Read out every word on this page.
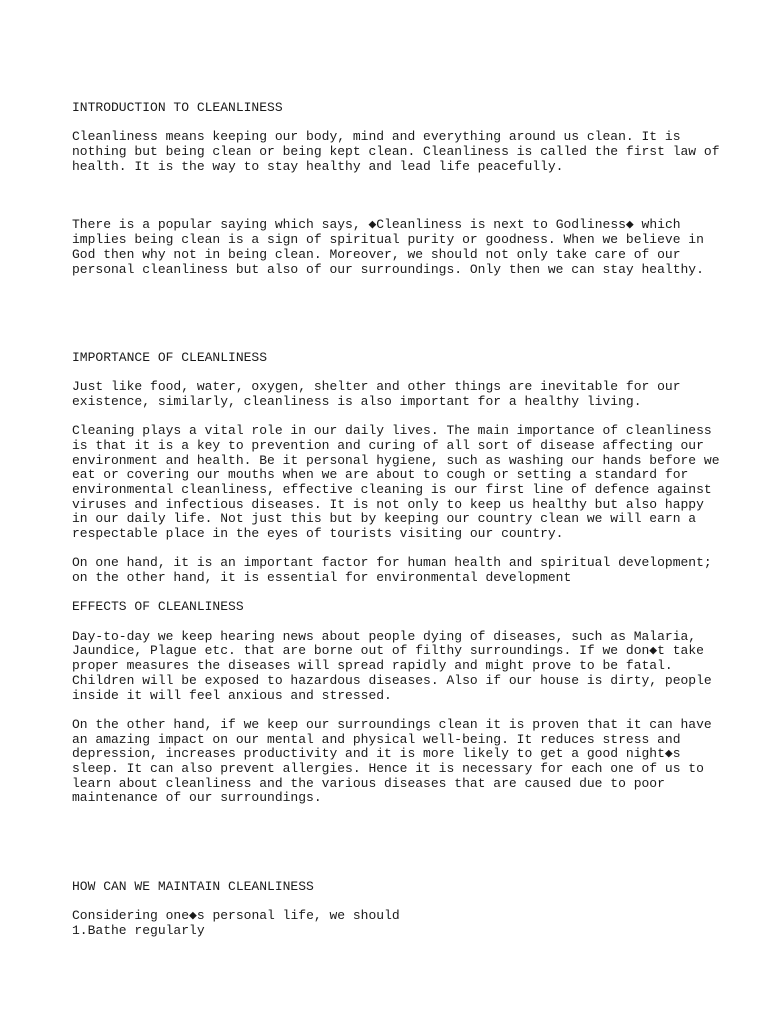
INTRODUCTION TO CLEANLINESS
Cleanliness means keeping our body, mind and everything around us clean. It is
nothing but being clean or being kept clean. Cleanliness is called the first law of
health. It is the way to stay healthy and lead life peacefully.
There is a popular saying which says, ◆Cleanliness is next to Godliness◆ which
implies being clean is a sign of spiritual purity or goodness. When we believe in
God then why not in being clean. Moreover, we should not only take care of our
personal cleanliness but also of our surroundings. Only then we can stay healthy.
IMPORTANCE OF CLEANLINESS
Just like food, water, oxygen, shelter and other things are inevitable for our
existence, similarly, cleanliness is also important for a healthy living.
Cleaning plays a vital role in our daily lives. The main importance of cleanliness
is that it is a key to prevention and curing of all sort of disease affecting our
environment and health. Be it personal hygiene, such as washing our hands before we
eat or covering our mouths when we are about to cough or setting a standard for
environmental cleanliness, effective cleaning is our first line of defence against
viruses and infectious diseases. It is not only to keep us healthy but also happy
in our daily life. Not just this but by keeping our country clean we will earn a
respectable place in the eyes of tourists visiting our country.
On one hand, it is an important factor for human health and spiritual development;
on the other hand, it is essential for environmental development
EFFECTS OF CLEANLINESS
Day-to-day we keep hearing news about people dying of diseases, such as Malaria,
Jaundice, Plague etc. that are borne out of filthy surroundings. If we don◆t take
proper measures the diseases will spread rapidly and might prove to be fatal.
Children will be exposed to hazardous diseases. Also if our house is dirty, people
inside it will feel anxious and stressed.
On the other hand, if we keep our surroundings clean it is proven that it can have
an amazing impact on our mental and physical well-being. It reduces stress and
depression, increases productivity and it is more likely to get a good night◆s
sleep. It can also prevent allergies. Hence it is necessary for each one of us to
learn about cleanliness and the various diseases that are caused due to poor
maintenance of our surroundings.
HOW CAN WE MAINTAIN CLEANLINESS
Considering one◆s personal life, we should
1.Bathe regularly
